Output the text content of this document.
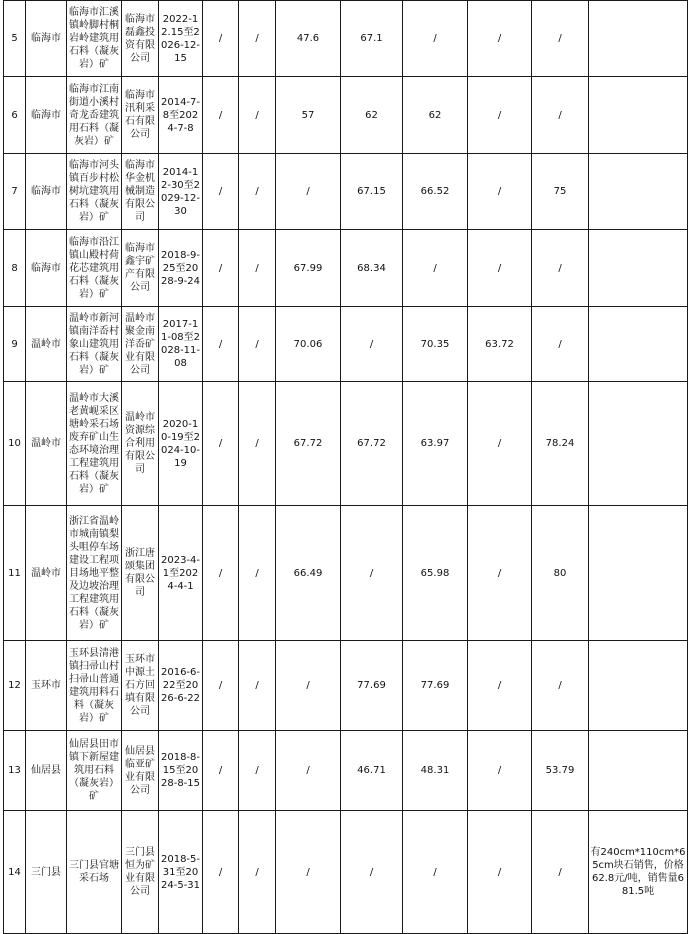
5	临海市	临海市汇溪镇岭脚村桐岩岭建筑用石料（凝灰岩）矿	临海市磊鑫投资有限公司	2022-12.15至2026-12-15	/	/	47.6	67.1	/	/	/	
6	临海市	临海市江南街道小溪村奇龙岙建筑用石料（凝灰岩）矿	临海市汛利采石有限公司	2014-7-8至2024-7-8	/	/	57	62	62	/	/	
7	临海市	临海市河头镇百步村松树坑建筑用石料（凝灰岩）矿	临海市华金机械制造有限公司	2014-12-30至2029-12-30	/	/	/	67.15	66.52	/	75	
8	临海市	临海市沿江镇山殿村荷花芯建筑用石料（凝灰岩）矿	临海市鑫宇矿产有限公司	2018-9-25至2028-9-24	/	/	67.99	68.34	/	/	/	
9	温岭市	温岭市新河镇南洋岙村象山建筑用石料（凝灰岩）矿	温岭市聚金南洋岙矿业有限公司	2017-11-08至2028-11-08	/	/	70.06	/	70.35	63.72	/	
10	温岭市	温岭市大溪老黄岘采区塘岭采石场废弃矿山生态环境治理工程建筑用石料（凝灰岩）矿	温岭市资源综合利用有限公司	2020-10-19至2024-10-19	/	/	67.72	67.72	63.97	/	78.24	
11	温岭市	浙江省温岭市城南镇梨头咀停车场建设工程项目场地平整及边坡治理工程建筑用石料（凝灰岩）矿	浙江唐颂集团有限公司	2023-4-1至2024-4-1	/	/	66.49	/	65.98	/	80	
12	玉环市	玉环县清港镇扫帚山村扫帚山普通建筑用料石料（凝灰岩）矿	玉环市中源土石方回填有限公司	2016-6-22至2026-6-22	/	/	/	77.69	77.69	/	/	
13	仙居县	仙居县田市镇下新屋建筑用石料（凝灰岩）矿	仙居县临亚矿业有限公司	2018-8-15至2028-8-15	/	/	/	46.71	48.31	/	53.79	
14	三门县	三门县官塘采石场	三门县恒为矿业有限公司	2018-5-31至2024-5-31	/	/	/	/	/	/	/	有240cm*110cm*65cm块石销售，价格62.8元/吨，销售量681.5吨
